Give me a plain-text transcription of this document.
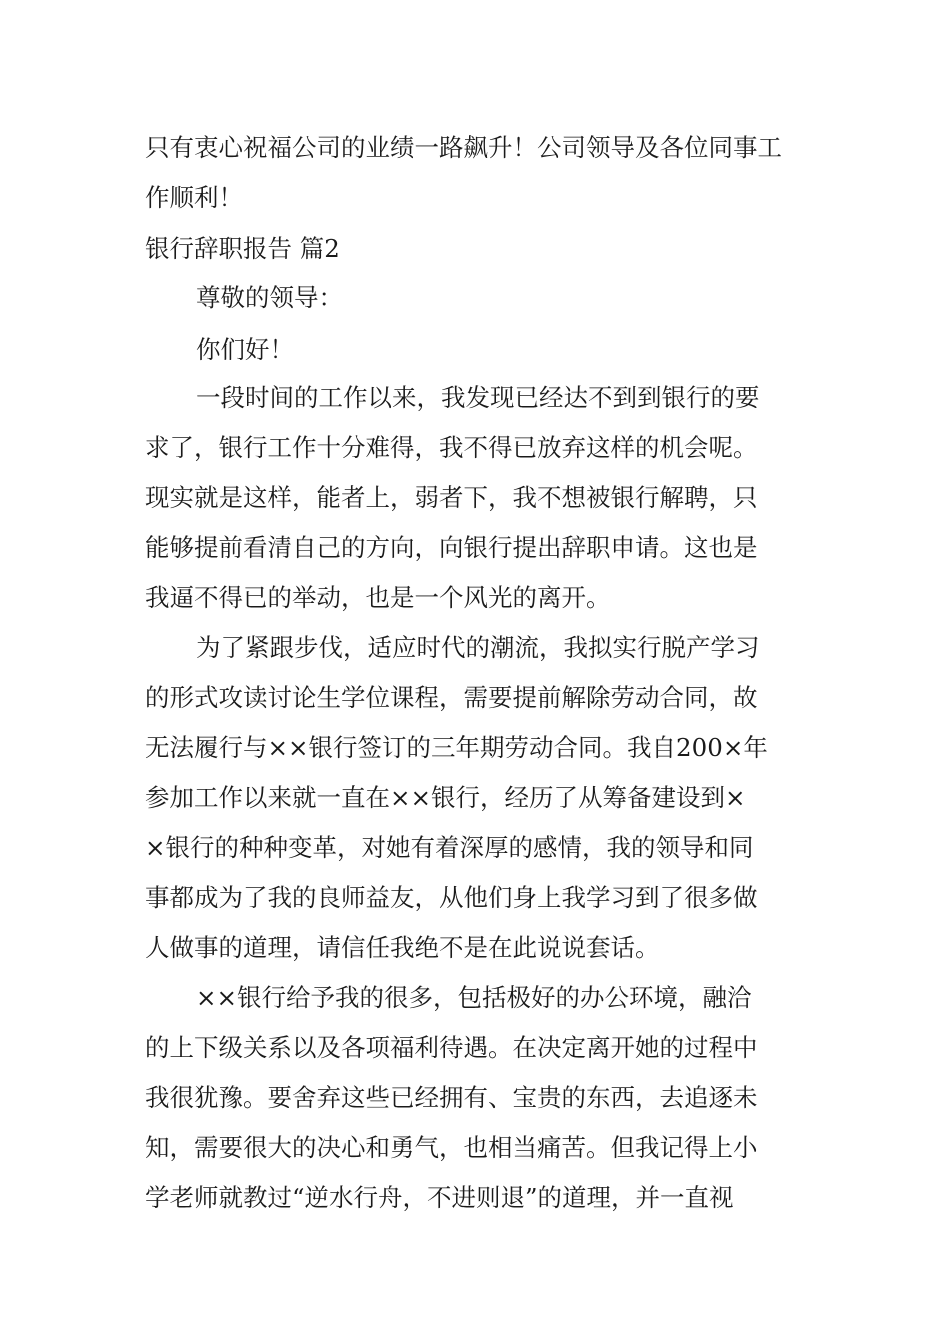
只有衷心祝福公司的业绩一路飙升！公司领导及各位同事工
作顺利！
银行辞职报告 篇2
尊敬的领导：
你们好！
一段时间的工作以来，我发现已经达不到到银行的要
求了，银行工作十分难得，我不得已放弃这样的机会呢。
现实就是这样，能者上，弱者下，我不想被银行解聘，只
能够提前看清自己的方向，向银行提出辞职申请。这也是
我逼不得已的举动，也是一个风光的离开。
为了紧跟步伐，适应时代的潮流，我拟实行脱产学习
的形式攻读讨论生学位课程，需要提前解除劳动合同，故
无法履行与××银行签订的三年期劳动合同。我自200×年
参加工作以来就一直在××银行，经历了从筹备建设到×
×银行的种种变革，对她有着深厚的感情，我的领导和同
事都成为了我的良师益友，从他们身上我学习到了很多做
人做事的道理，请信任我绝不是在此说说套话。
××银行给予我的很多，包括极好的办公环境，融洽
的上下级关系以及各项福利待遇。在决定离开她的过程中
我很犹豫。要舍弃这些已经拥有、宝贵的东西，去追逐未
知，需要很大的决心和勇气，也相当痛苦。但我记得上小
学老师就教过“逆水行舟，不进则退”的道理，并一直视
